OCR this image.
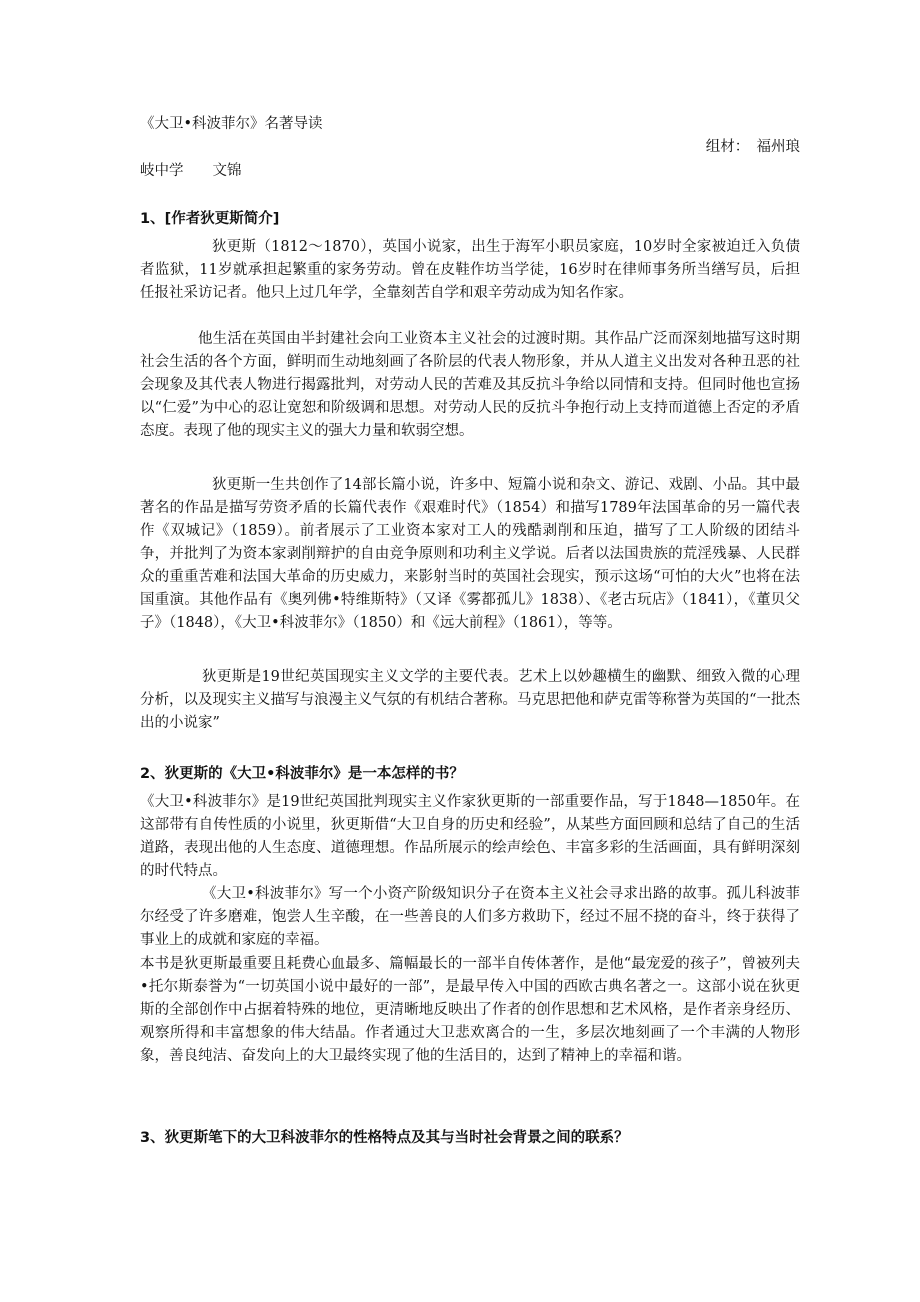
《大卫•科波菲尔》名著导读
组材：　福州琅
岐中学　　文锦
1、[作者狄更斯简介]

狄更斯（1812～1870），英国小说家，出生于海军小职员家庭，10岁时全家被迫迁入负债者监狱，11岁就承担起繁重的家务劳动。曾在皮鞋作坊当学徒，16岁时在律师事务所当缮写员，后担任报社采访记者。他只上过几年学，全靠刻苦自学和艰辛劳动成为知名作家。

他生活在英国由半封建社会向工业资本主义社会的过渡时期。其作品广泛而深刻地描写这时期社会生活的各个方面，鲜明而生动地刻画了各阶层的代表人物形象，并从人道主义出发对各种丑恶的社会现象及其代表人物进行揭露批判，对劳动人民的苦难及其反抗斗争给以同情和支持。但同时他也宣扬以“仁爱”为中心的忍让宽恕和阶级调和思想。对劳动人民的反抗斗争抱行动上支持而道德上否定的矛盾态度。表现了他的现实主义的强大力量和软弱空想。

狄更斯一生共创作了14部长篇小说，许多中、短篇小说和杂文、游记、戏剧、小品。其中最著名的作品是描写劳资矛盾的长篇代表作《艰难时代》（1854）和描写1789年法国革命的另一篇代表作《双城记》（1859）。前者展示了工业资本家对工人的残酷剥削和压迫，描写了工人阶级的团结斗争，并批判了为资本家剥削辩护的自由竞争原则和功利主义学说。后者以法国贵族的荒淫残暴、人民群众的重重苦难和法国大革命的历史威力，来影射当时的英国社会现实，预示这场“可怕的大火”也将在法国重演。其他作品有《奥列佛•特维斯特》（又译《雾都孤儿》1838）、《老古玩店》（1841），《董贝父子》（1848），《大卫•科波菲尔》（1850）和《远大前程》（1861），等等。

狄更斯是19世纪英国现实主义文学的主要代表。艺术上以妙趣横生的幽默、细致入微的心理分析，以及现实主义描写与浪漫主义气氛的有机结合著称。马克思把他和萨克雷等称誉为英国的“一批杰出的小说家”

2、狄更斯的《大卫•科波菲尔》是一本怎样的书？

《大卫•科波菲尔》是19世纪英国批判现实主义作家狄更斯的一部重要作品，写于1848—1850年。在这部带有自传性质的小说里，狄更斯借“大卫自身的历史和经验”，从某些方面回顾和总结了自己的生活道路，表现出他的人生态度、道德理想。作品所展示的绘声绘色、丰富多彩的生活画面，具有鲜明深刻的时代特点。

《大卫•科波菲尔》写一个小资产阶级知识分子在资本主义社会寻求出路的故事。孤儿科波菲尔经受了许多磨难，饱尝人生辛酸，在一些善良的人们多方救助下，经过不屈不挠的奋斗，终于获得了事业上的成就和家庭的幸福。

本书是狄更斯最重要且耗费心血最多、篇幅最长的一部半自传体著作，是他“最宠爱的孩子”，曾被列夫•托尔斯泰誉为“一切英国小说中最好的一部”，是最早传入中国的西欧古典名著之一。这部小说在狄更斯的全部创作中占据着特殊的地位，更清晰地反映出了作者的创作思想和艺术风格，是作者亲身经历、观察所得和丰富想象的伟大结晶。作者通过大卫悲欢离合的一生，多层次地刻画了一个丰满的人物形象，善良纯洁、奋发向上的大卫最终实现了他的生活目的，达到了精神上的幸福和谐。

3、狄更斯笔下的大卫科波菲尔的性格特点及其与当时社会背景之间的联系？
